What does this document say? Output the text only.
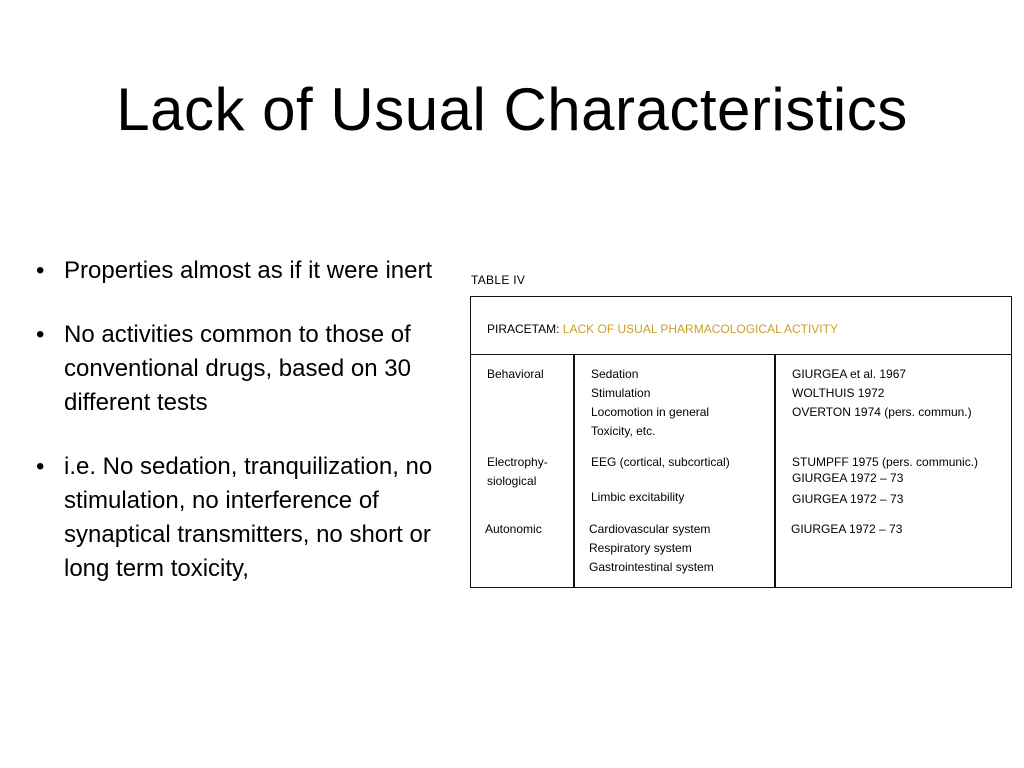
Lack of Usual Characteristics
• Properties almost as if it were inert
• No activities common to those of conventional drugs, based on 30 different tests
• i.e. No sedation, tranquilization, no stimulation, no interference of synaptical transmitters, no short or long term toxicity,
TABLE IV
PIRACETAM: LACK OF USUAL PHARMACOLOGICAL ACTIVITY
Behavioral	Sedation
Stimulation
Locomotion in general
Toxicity, etc.
GIURGEA et al. 1967
WOLTHUIS 1972
OVERTON 1974 (pers. commun.)
Electrophy-
siological
EEG (cortical, subcortical)
Limbic excitability
STUMPFF 1975 (pers. communic.)
GIURGEA 1972 – 73
GIURGEA 1972 – 73
Autonomic	Cardiovascular system
Respiratory system
Gastrointestinal system
GIURGEA 1972 – 73
